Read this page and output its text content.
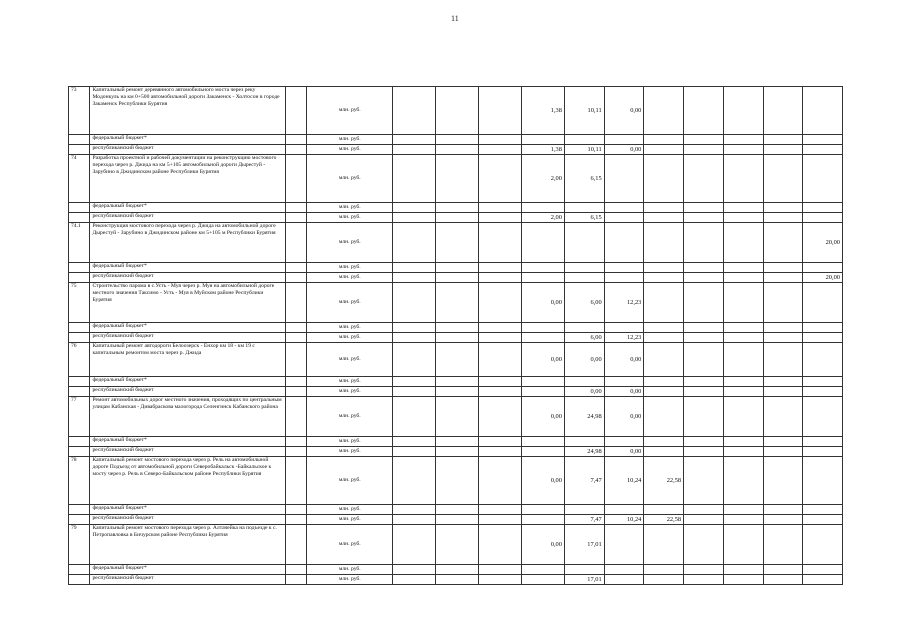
11
73	Капитальный ремонт деревянного автомобильного моста через реку Модонкуль на км 0+500 автомобильной дороги Закаменск - Холтосон в городе Закаменск Республики Бурятия		млн. руб.				1,38	10,11	0,00					
	федеральный бюджет*		млн. руб.											
	республиканский бюджет		млн. руб.				1,38	10,11	0,00					
74	Разработка проектной и рабочей документации на реконструкцию мостового перехода через р. Джида на км 5+105 автомобильной дороги Дырестуй - Зарубино в Джидинском районе Республики Бурятия		млн. руб.				2,00	6,15						
	федеральный бюджет*		млн. руб.											
	республиканский бюджет		млн. руб.				2,00	6,15						
74.1	Реконструкция мостового перехода через р. Джида на автомобильной дороге Дырестуй - Зарубино в Джидинском районе км 5+105 м Республики Бурятия		млн. руб.											20,00
	федеральный бюджет*		млн. руб.											
	республиканский бюджет		млн. руб.											20,00
75	Строительство парома в с.Усть - Муя через р. Муя на автомобильной дороге местного значения Таксимо - Усть - Муя в Муйском районе Республики Бурятия		млн. руб.				0,00	6,00	12,23					
	федеральный бюджет*		млн. руб.											
	республиканский бюджет		млн. руб.					6,00	12,23					
76	Капитальный ремонт автодороги Белоозерск - Енхор км 18 - км 19 с капитальным ремонтом моста через р. Джида		млн. руб.				0,00	0,00	0,00					
	федеральный бюджет*		млн. руб.											
	республиканский бюджет		млн. руб.					0,00	0,00					
77	Ремонт автомобильных дорог местного значения, проходящих по центральным улицам Кабанская - Дивабраскова малогорода Селенгинск Кабанского района		млн. руб.				0,00	24,98	0,00					
	федеральный бюджет*		млн. руб.											
	республиканский бюджет		млн. руб.					24,98	0,00					
78	Капитальный ремонт мостового перехода через р. Рель на автомобильной дороге Подъезд от автомобильной дороги Северобайкальск -Байкальское к мосту через р. Рель в Северо-Байкальском районе Республики Бурятия		млн. руб.				0,00	7,47	10,24	22,58				
	федеральный бюджет*		млн. руб.											
	республиканский бюджет		млн. руб.					7,47	10,24	22,58				
79	Капитальный ремонт мостового перехода через р. Алтачейка на подъезде к с. Петропавловка в Бичурском районе Республики Бурятия		млн. руб.				0,00	17,01						
	федеральный бюджет*		млн. руб.											
	республиканский бюджет		млн. руб.					17,01						
